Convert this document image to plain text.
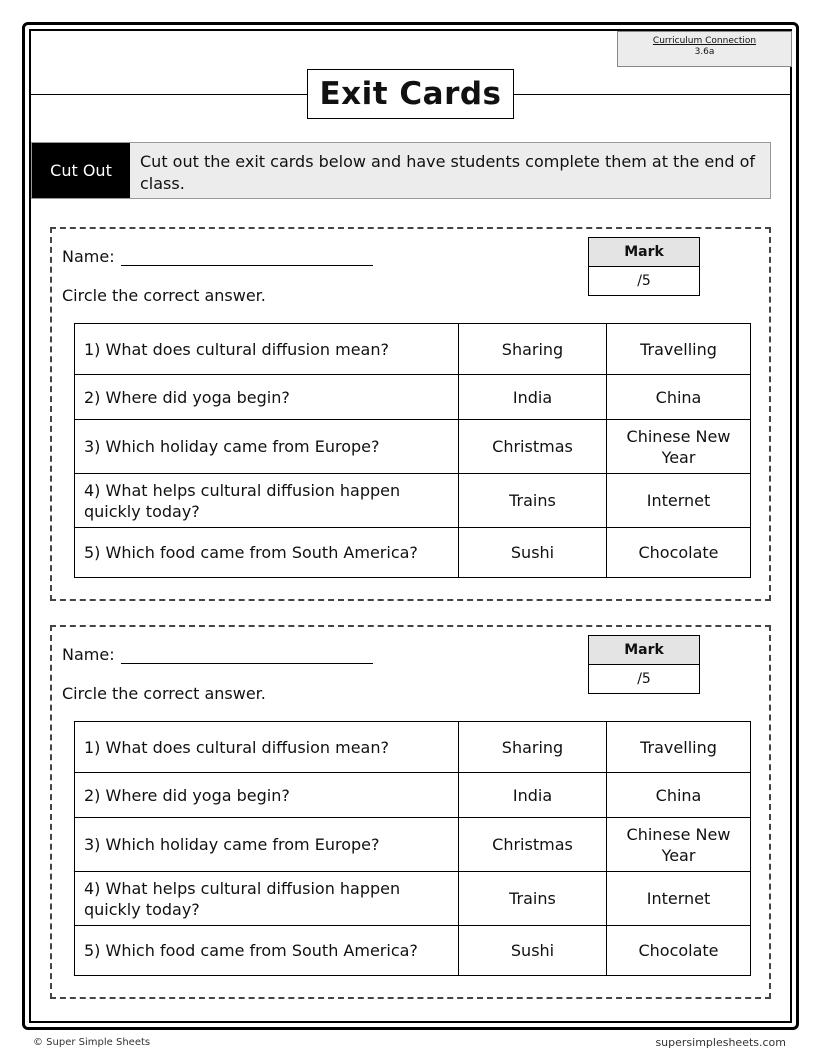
Curriculum Connection
3.6a
Exit Cards
Cut Out	Cut out the exit cards below and have students complete them at the end of class.
Name:
Circle the correct answer.
Mark
/5
1) What does cultural diffusion mean?	Sharing	Travelling
2) Where did yoga begin?	India	China
3) Which holiday came from Europe?	Christmas	Chinese New Year
4) What helps cultural diffusion happen quickly today?	Trains	Internet
5) Which food came from South America?	Sushi	Chocolate
Name:
Circle the correct answer.
Mark
/5
1) What does cultural diffusion mean?	Sharing	Travelling
2) Where did yoga begin?	India	China
3) Which holiday came from Europe?	Christmas	Chinese New Year
4) What helps cultural diffusion happen quickly today?	Trains	Internet
5) Which food came from South America?	Sushi	Chocolate
© Super Simple Sheets	supersimplesheets.com
